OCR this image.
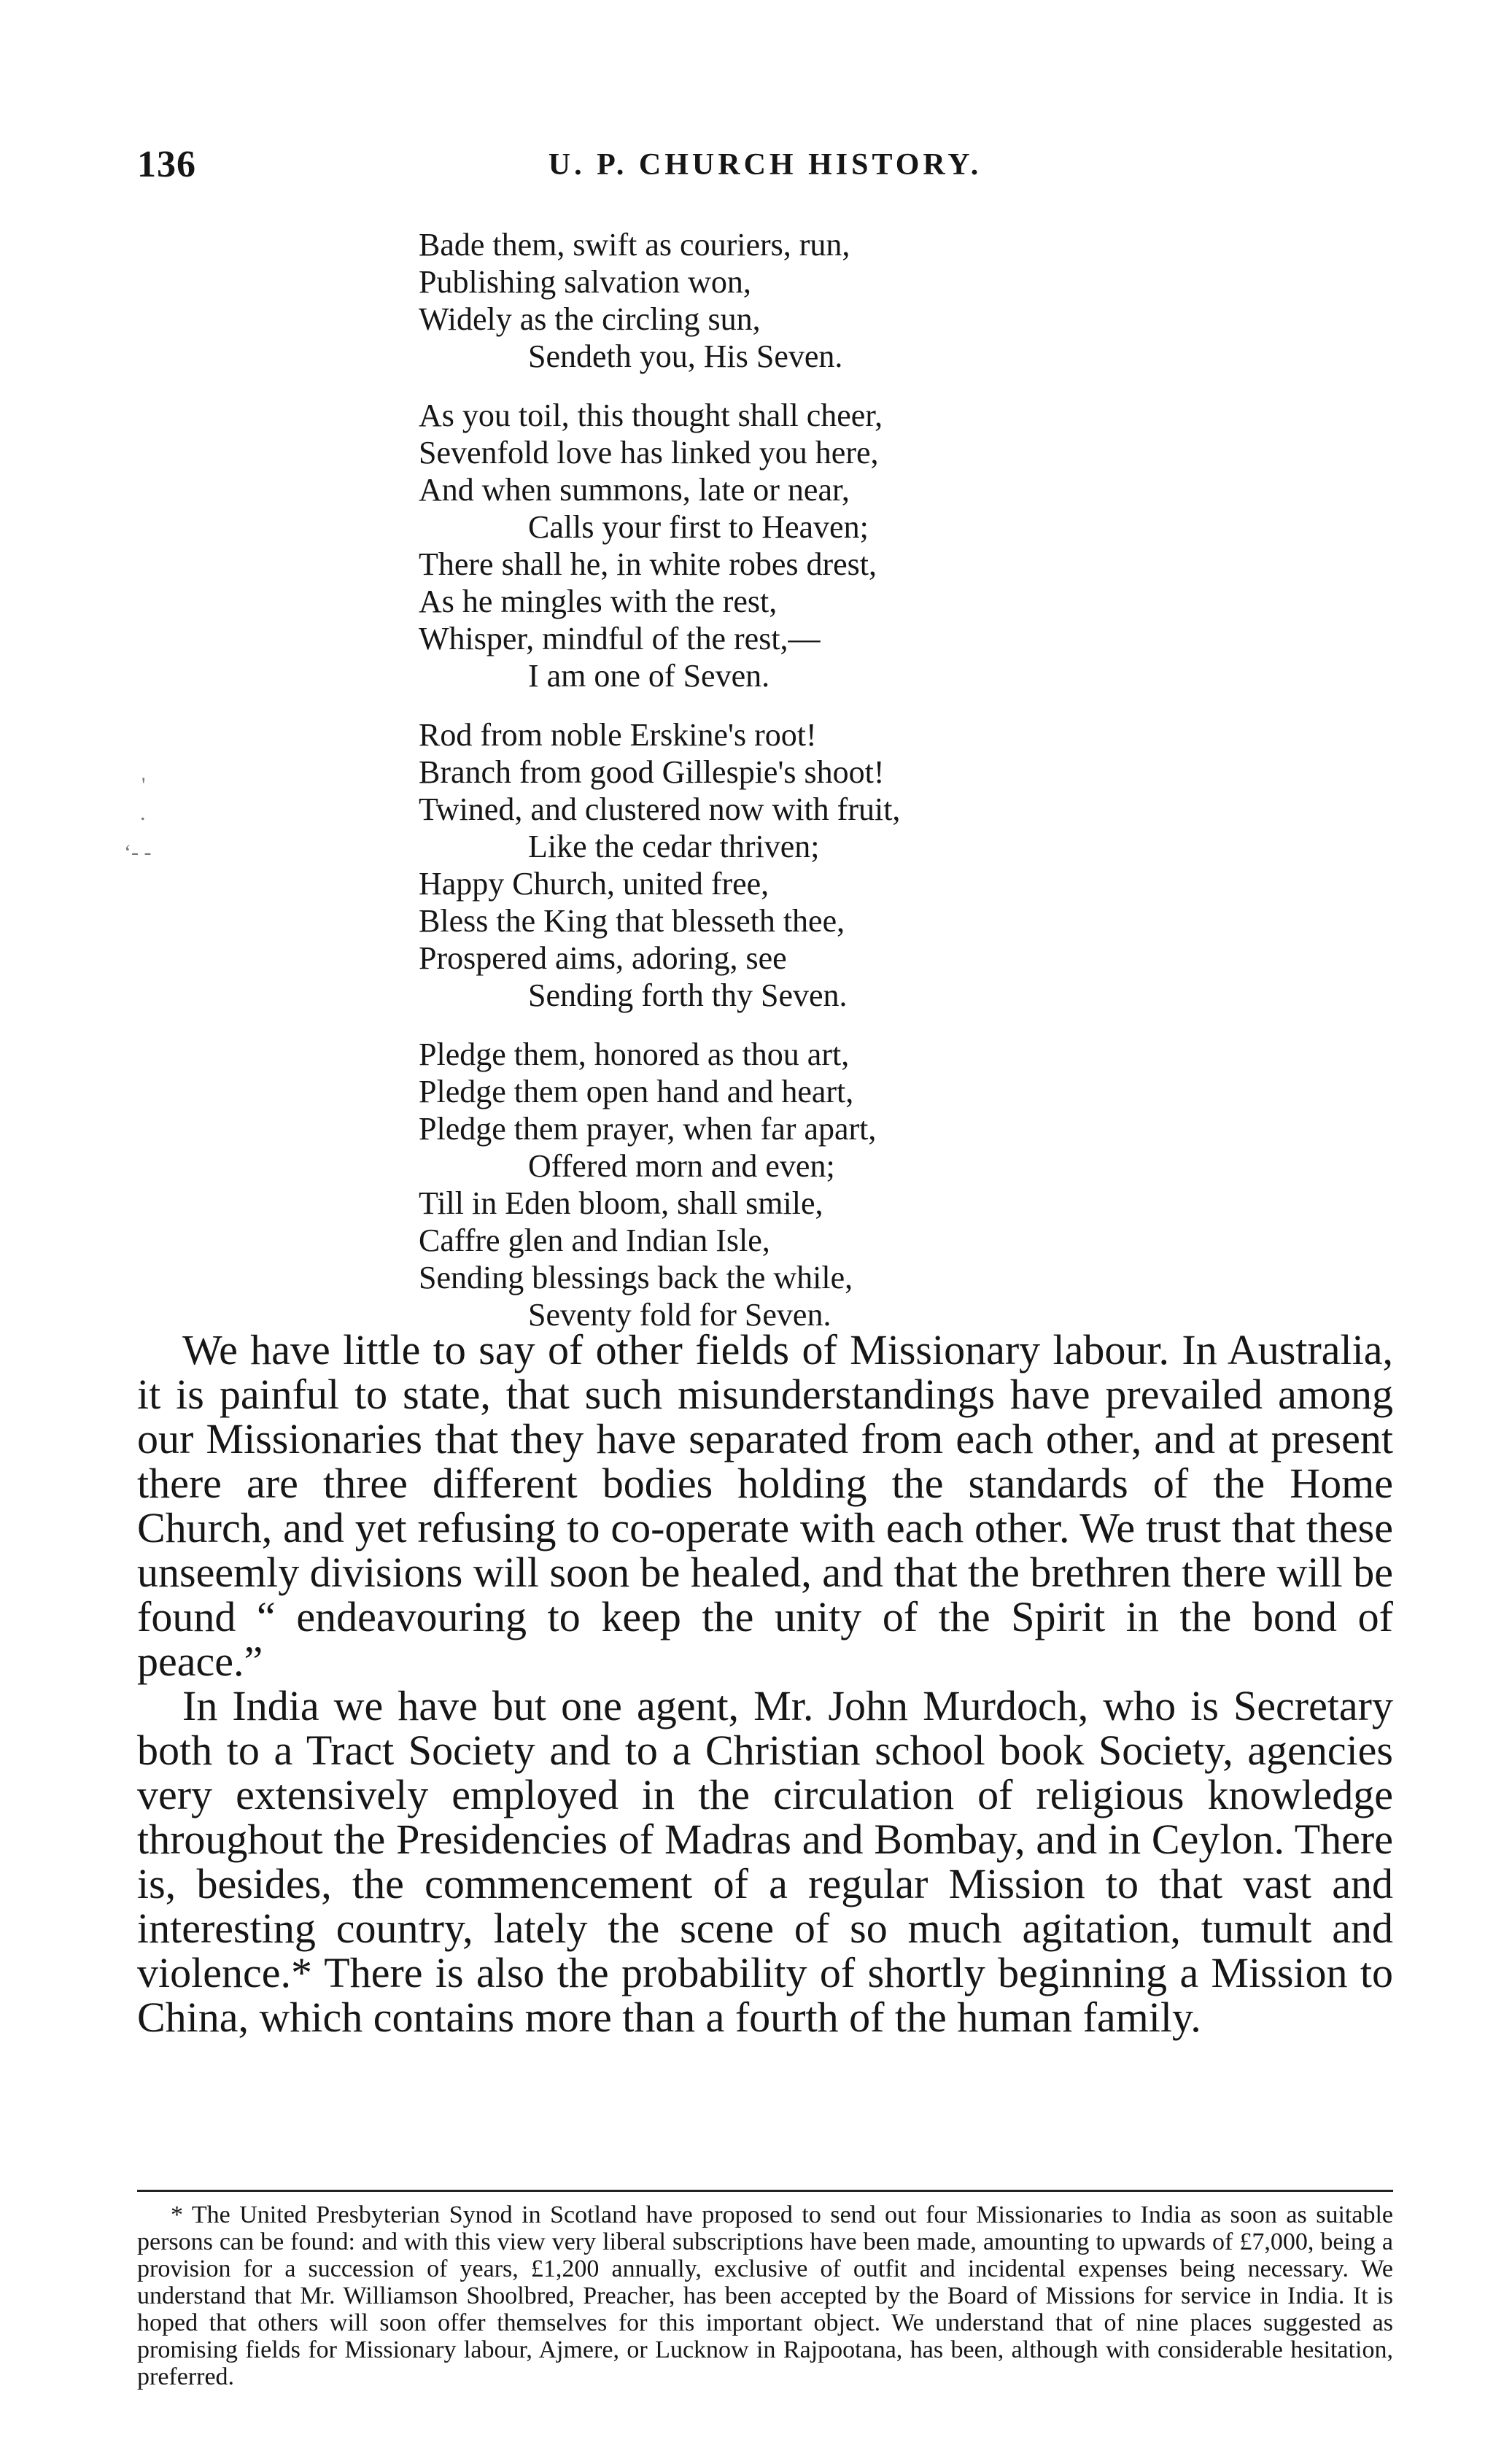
136	U. P. CHURCH HISTORY.
Bade them, swift as couriers, run,
Publishing salvation won,
Widely as the circling sun,
Sendeth you, His Seven.
As you toil, this thought shall cheer,
Sevenfold love has linked you here,
And when summons, late or near,
Calls your first to Heaven;
There shall he, in white robes drest,
As he mingles with the rest,
Whisper, mindful of the rest,—
I am one of Seven.
Rod from noble Erskine's root!
Branch from good Gillespie's shoot!
Twined, and clustered now with fruit,
Like the cedar thriven;
Happy Church, united free,
Bless the King that blesseth thee,
Prospered aims, adoring, see
Sending forth thy Seven.
Pledge them, honored as thou art,
Pledge them open hand and heart,
Pledge them prayer, when far apart,
Offered morn and even;
Till in Eden bloom, shall smile,
Caffre glen and Indian Isle,
Sending blessings back the while,
Seventy fold for Seven.
'
.
‘‐ -

We have little to say of other fields of Missionary labour. In Australia, it is painful to state, that such misunderstandings have prevailed among our Missionaries that they have separated from each other, and at present there are three different bodies holding the standards of the Home Church, and yet refusing to co-operate with each other. We trust that these unseemly divisions will soon be healed, and that the brethren there will be found “ endeavouring to keep the unity of the Spirit in the bond of peace.”

In India we have but one agent, Mr. John Murdoch, who is Secretary both to a Tract Society and to a Christian school book Society, agencies very extensively employed in the circulation of religious knowledge throughout the Presidencies of Madras and Bombay, and in Ceylon. There is, besides, the commencement of a regular Mission to that vast and interesting country, lately the scene of so much agitation, tumult and violence.* There is also the probability of shortly beginning a Mission to China, which contains more than a fourth of the human family.

* The United Presbyterian Synod in Scotland have proposed to send out four Missionaries to India as soon as suitable persons can be found: and with this view very liberal subscriptions have been made, amounting to upwards of £7,000, being a provision for a succession of years, £1,200 annually, exclusive of outfit and incidental expenses being necessary. We understand that Mr. Williamson Shoolbred, Preacher, has been accepted by the Board of Missions for service in India. It is hoped that others will soon offer themselves for this important object. We understand that of nine places suggested as promising fields for Missionary labour, Ajmere, or Lucknow in Rajpootana, has been, although with considerable hesitation, preferred.
